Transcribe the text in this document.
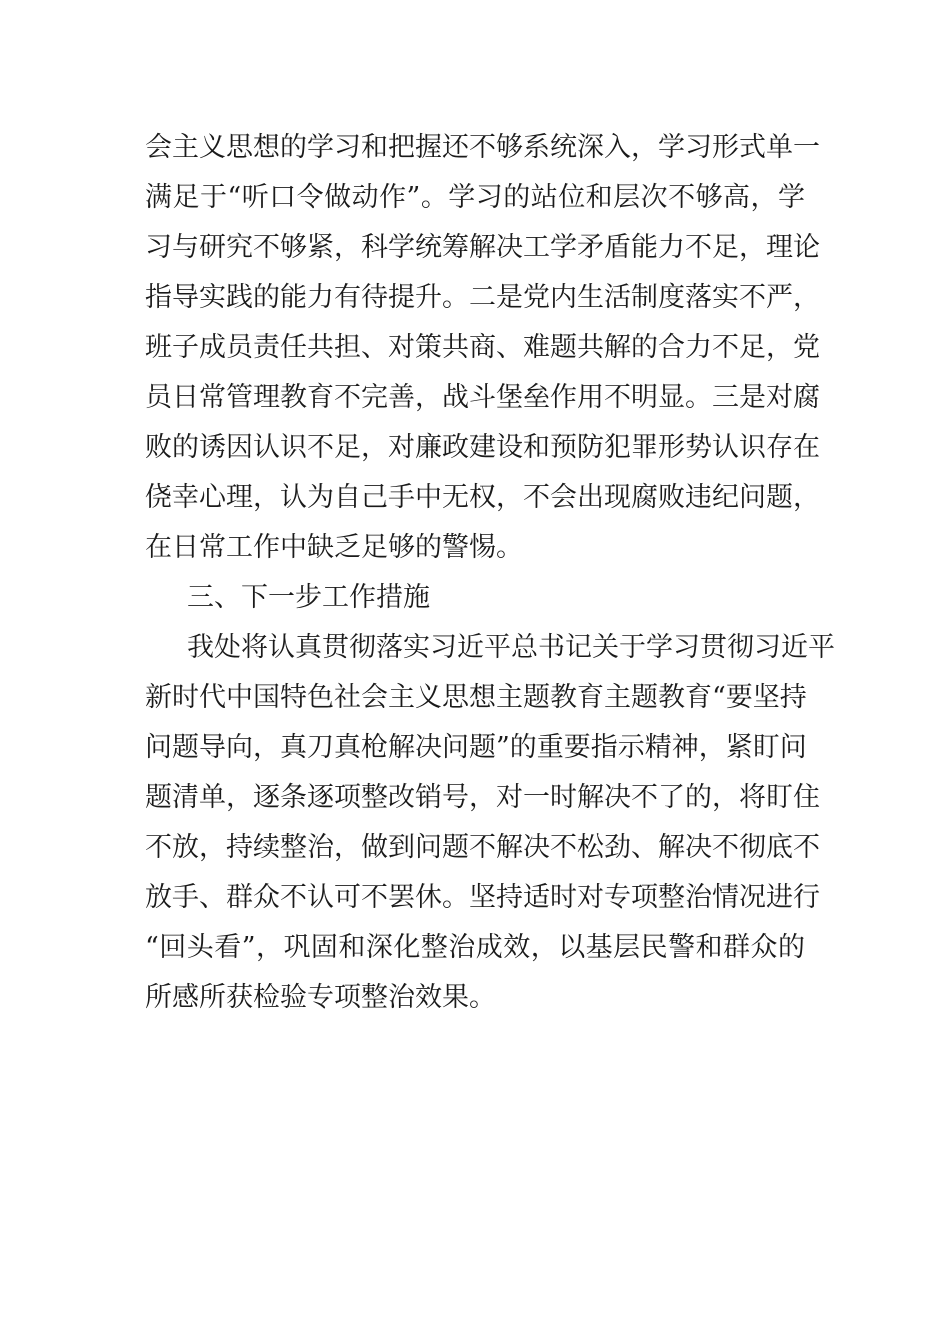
会主义思想的学习和把握还不够系统深入，学习形式单一
满足于“听口令做动作”。学习的站位和层次不够高，学
习与研究不够紧，科学统筹解决工学矛盾能力不足，理论
指导实践的能力有待提升。二是党内生活制度落实不严，
班子成员责任共担、对策共商、难题共解的合力不足，党
员日常管理教育不完善，战斗堡垒作用不明显。三是对腐
败的诱因认识不足，对廉政建设和预防犯罪形势认识存在
侥幸心理，认为自己手中无权，不会出现腐败违纪问题，
在日常工作中缺乏足够的警惕。
三、下一步工作措施
我处将认真贯彻落实习近平总书记关于学习贯彻习近平
新时代中国特色社会主义思想主题教育主题教育“要坚持
问题导向，真刀真枪解决问题”的重要指示精神，紧盯问
题清单，逐条逐项整改销号，对一时解决不了的，将盯住
不放，持续整治，做到问题不解决不松劲、解决不彻底不
放手、群众不认可不罢休。坚持适时对专项整治情况进行
“回头看”，巩固和深化整治成效，以基层民警和群众的
所感所获检验专项整治效果。
